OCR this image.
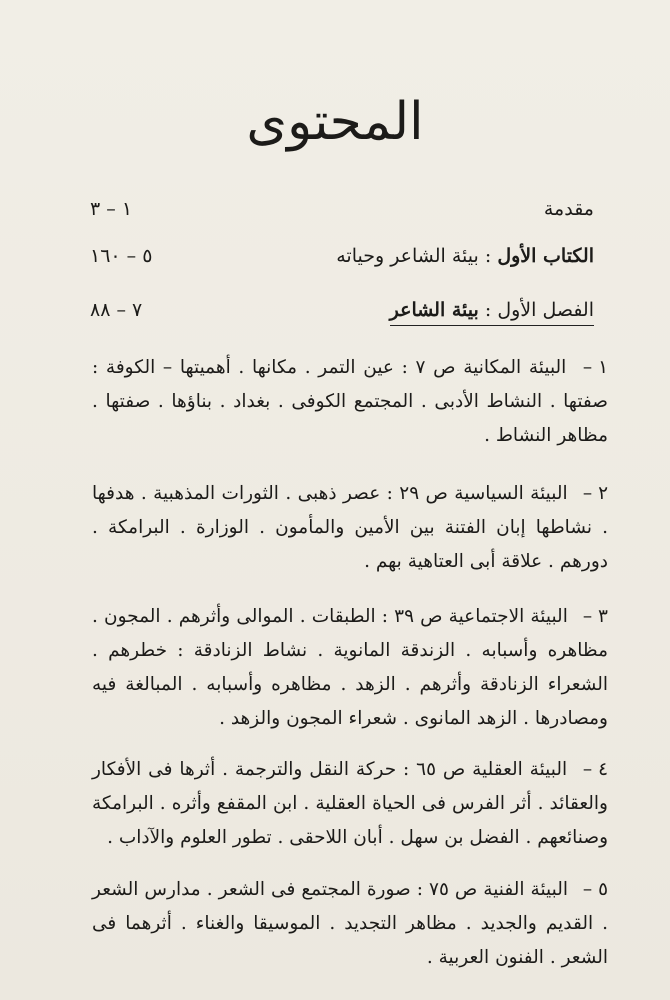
المحتوى
مقدمة
١ – ٣
الكتاب الأول : بيئة الشاعر وحياته
٥ – ١٦٠
الفصل الأول : بيئة الشاعر
٧ – ٨٨
١ – البيئة المكانية ص ٧ : عين التمر . مكانها . أهميتها – الكوفة : صفتها . النشاط الأدبى . المجتمع الكوفى . بغداد . بناؤها . صفتها . مظاهر النشاط .
٢ – البيئة السياسية ص ٢٩ : عصر ذهبى . الثورات المذهبية . هدفها . نشاطها إبان الفتنة بين الأمين والمأمون . الوزارة . البرامكة . دورهم . علاقة أبى العتاهية بهم .
٣ – البيئة الاجتماعية ص ٣٩ : الطبقات . الموالى وأثرهم . المجون . مظاهره وأسبابه . الزندقة المانوية . نشاط الزنادقة : خطرهم . الشعراء الزنادقة وأثرهم . الزهد . مظاهره وأسبابه . المبالغة فيه ومصادرها . الزهد المانوى . شعراء المجون والزهد .
٤ – البيئة العقلية ص ٦٥ : حركة النقل والترجمة . أثرها فى الأفكار والعقائد . أثر الفرس فى الحياة العقلية . ابن المقفع وأثره . البرامكة وصنائعهم . الفضل بن سهل . أبان اللاحقى . تطور العلوم والآداب .
٥ – البيئة الفنية ص ٧٥ : صورة المجتمع فى الشعر . مدارس الشعر . القديم والجديد . مظاهر التجديد . الموسيقا والغناء . أثرهما فى الشعر . الفنون العربية .
